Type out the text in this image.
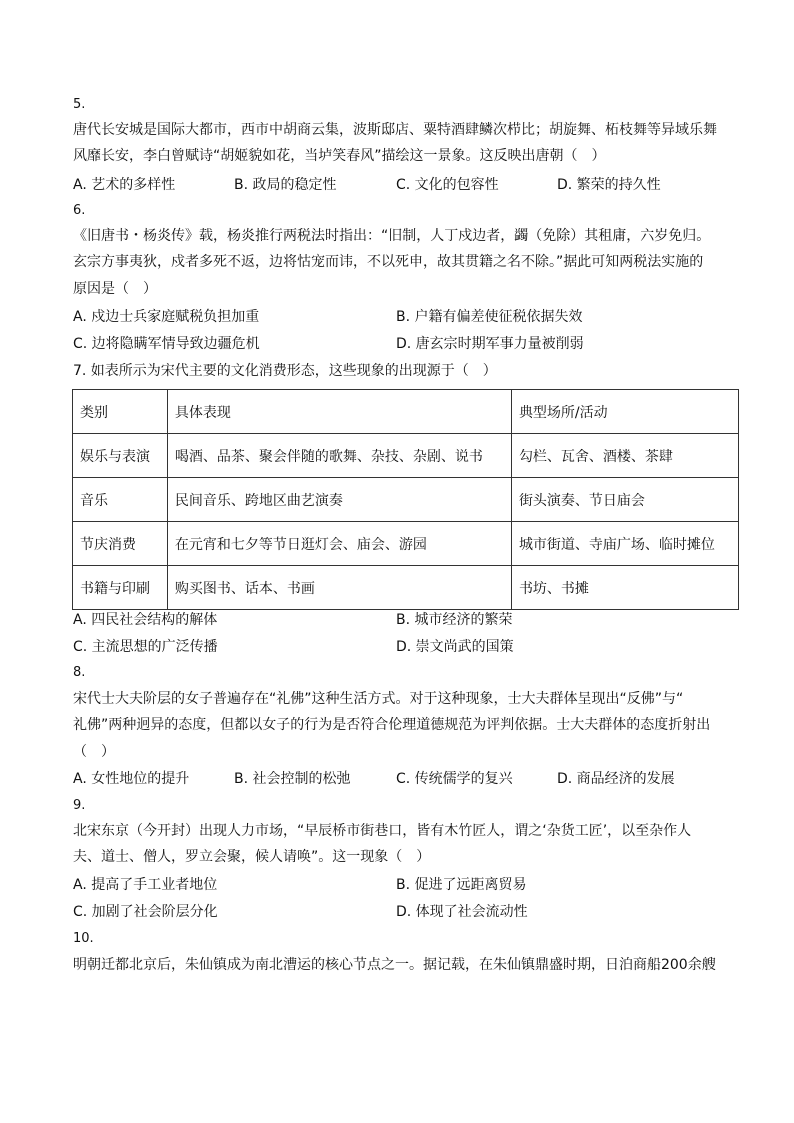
5.
唐代长安城是国际大都市，西市中胡商云集，波斯邸店、粟特酒肆鳞次栉比；胡旋舞、柘枝舞等异域乐舞
风靡长安，李白曾赋诗“胡姬貌如花，当垆笑春风”描绘这一景象。这反映出唐朝（　）
A. 艺术的多样性	B. 政局的稳定性	C. 文化的包容性	D. 繁荣的持久性
6.
《旧唐书・杨炎传》载，杨炎推行两税法时指出：“旧制，人丁戍边者，蠲（免除）其租庸，六岁免归。
玄宗方事夷狄，戍者多死不返，边将怙宠而讳，不以死申，故其贯籍之名不除。”据此可知两税法实施的
原因是（　）
A. 戍边士兵家庭赋税负担加重	B. 户籍有偏差使征税依据失效
C. 边将隐瞒军情导致边疆危机	D. 唐玄宗时期军事力量被削弱
7. 如表所示为宋代主要的文化消费形态，这些现象的出现源于（　）
类别	具体表现	典型场所/活动
娱乐与表演	喝酒、品茶、聚会伴随的歌舞、杂技、杂剧、说书	勾栏、瓦舍、酒楼、茶肆
音乐	民间音乐、跨地区曲艺演奏	街头演奏、节日庙会
节庆消费	在元宵和七夕等节日逛灯会、庙会、游园	城市街道、寺庙广场、临时摊位
书籍与印刷	购买图书、话本、书画	书坊、书摊
A. 四民社会结构的解体	B. 城市经济的繁荣
C. 主流思想的广泛传播	D. 崇文尚武的国策
8.
宋代士大夫阶层的女子普遍存在“礼佛”这种生活方式。对于这种现象，士大夫群体呈现出“反佛”与“
礼佛”两种迥异的态度，但都以女子的行为是否符合伦理道德规范为评判依据。士大夫群体的态度折射出
（　）
A. 女性地位的提升	B. 社会控制的松弛	C. 传统儒学的复兴	D. 商品经济的发展
9.
北宋东京（今开封）出现人力市场，“早辰桥市街巷口，皆有木竹匠人，谓之‘杂货工匠’，以至杂作人
夫、道士、僧人，罗立会聚，候人请唤”。这一现象（　）
A. 提高了手工业者地位	B. 促进了远距离贸易
C. 加剧了社会阶层分化	D. 体现了社会流动性
10.
明朝迁都北京后，朱仙镇成为南北漕运的核心节点之一。据记载，在朱仙镇鼎盛时期，日泊商船200余艘
